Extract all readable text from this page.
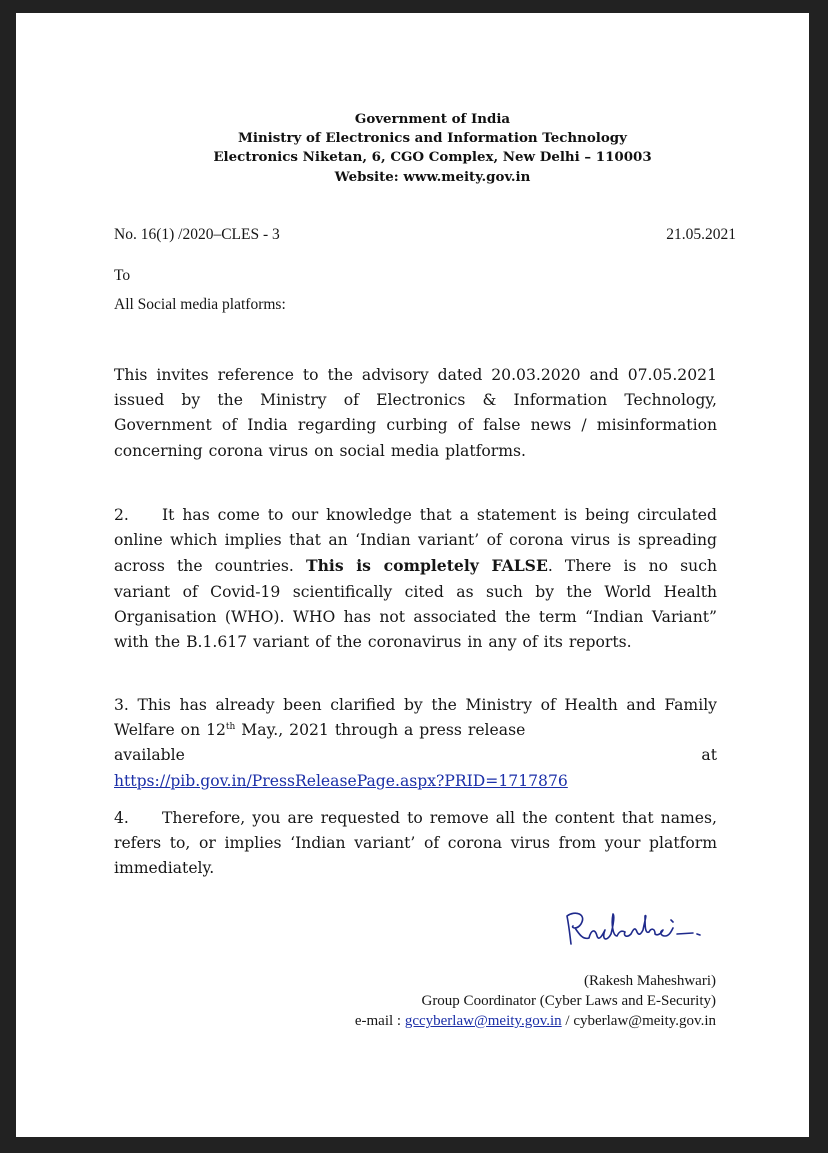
Government of India
Ministry of Electronics and Information Technology
Electronics Niketan, 6, CGO Complex, New Delhi – 110003
Website: www.meity.gov.in
No. 16(1) /2020–CLES - 3	21.05.2021
To
All Social media platforms:
This invites reference to the advisory dated 20.03.2020 and 07.05.2021 issued by the Ministry of Electronics & Information Technology, Government of India regarding curbing of false news / misinformation concerning corona virus on social media platforms.
2. It has come to our knowledge that a statement is being circulated online which implies that an ‘Indian variant’ of corona virus is spreading across the countries. This is completely FALSE. There is no such variant of Covid-19 scientifically cited as such by the World Health Organisation (WHO). WHO has not associated the term “Indian Variant” with the B.1.617 variant of the coronavirus in any of its reports.
3. This has already been clarified by the Ministry of Health and Family Welfare on 12th May., 2021 through a press release
available	at
https://pib.gov.in/PressReleasePage.aspx?PRID=1717876
4. Therefore, you are requested to remove all the content that names, refers to, or implies ‘Indian variant’ of corona virus from your platform immediately.
(Rakesh Maheshwari)
Group Coordinator (Cyber Laws and E-Security)
e-mail : gccyberlaw@meity.gov.in / cyberlaw@meity.gov.in
